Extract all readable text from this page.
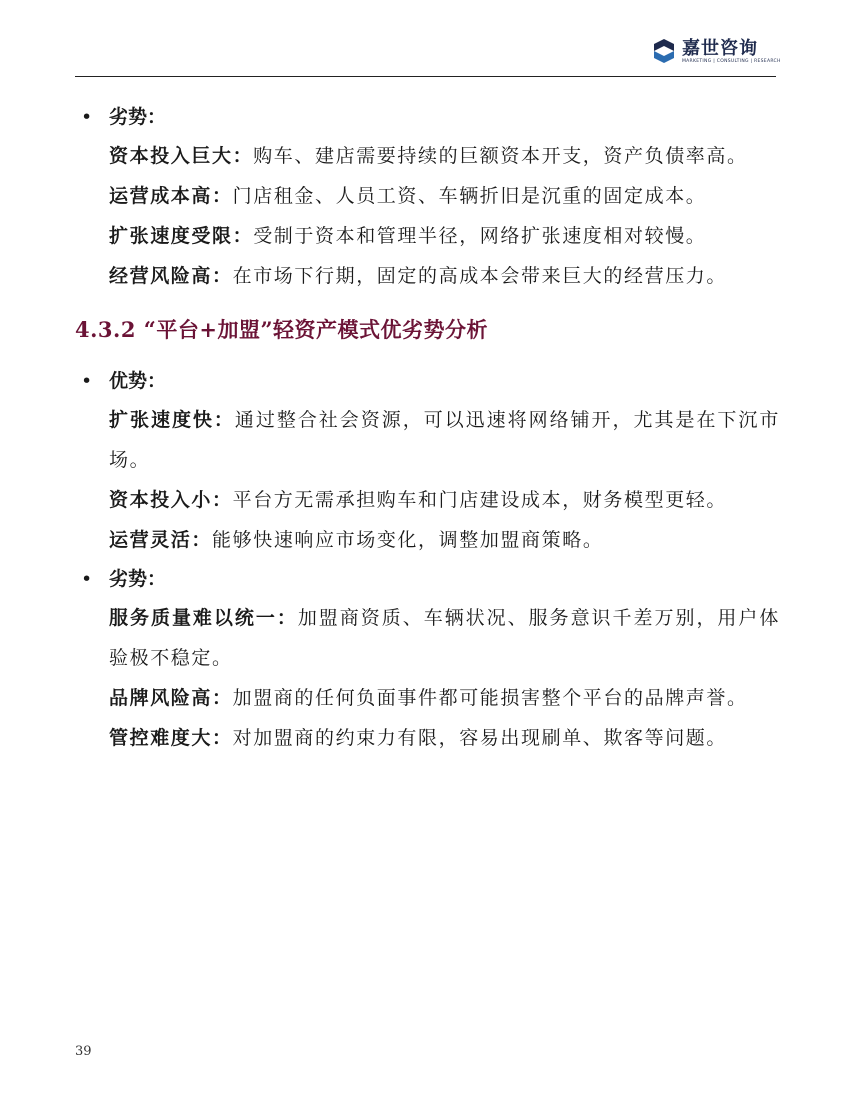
嘉世咨询
MARKETING | CONSULTING | RESEARCH
• 劣势：
资本投入巨大：购车、建店需要持续的巨额资本开支，资产负债率高。
运营成本高：门店租金、人员工资、车辆折旧是沉重的固定成本。
扩张速度受限：受制于资本和管理半径，网络扩张速度相对较慢。
经营风险高：在市场下行期，固定的高成本会带来巨大的经营压力。
4.3.2 “平台+加盟”轻资产模式优劣势分析
• 优势：
扩张速度快：通过整合社会资源，可以迅速将网络铺开，尤其是在下沉市场。
资本投入小：平台方无需承担购车和门店建设成本，财务模型更轻。
运营灵活：能够快速响应市场变化，调整加盟商策略。
• 劣势：
服务质量难以统一：加盟商资质、车辆状况、服务意识千差万别，用户体验极不稳定。
品牌风险高：加盟商的任何负面事件都可能损害整个平台的品牌声誉。
管控难度大：对加盟商的约束力有限，容易出现刷单、欺客等问题。
39
